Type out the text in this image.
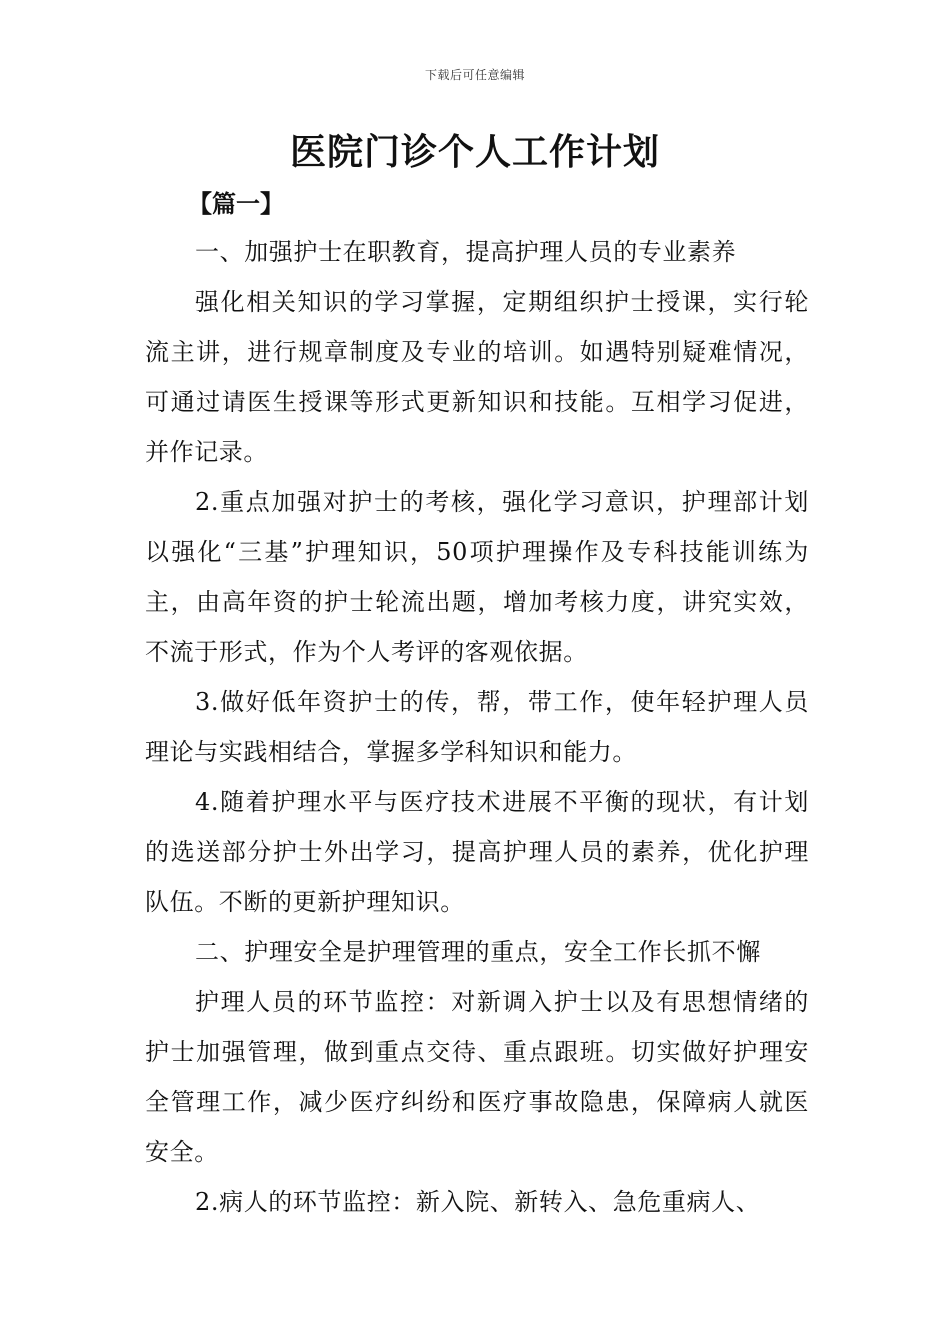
下载后可任意编辑
医院门诊个人工作计划
【篇一】

一、加强护士在职教育，提高护理人员的专业素养

强化相关知识的学习掌握，定期组织护士授课，实行轮流主讲，进行规章制度及专业的培训。如遇特别疑难情况，可通过请医生授课等形式更新知识和技能。互相学习促进，并作记录。

2.重点加强对护士的考核，强化学习意识，护理部计划以强化“三基”护理知识，50项护理操作及专科技能训练为主，由高年资的护士轮流出题，增加考核力度，讲究实效，不流于形式，作为个人考评的客观依据。

3.做好低年资护士的传，帮，带工作，使年轻护理人员理论与实践相结合，掌握多学科知识和能力。

4.随着护理水平与医疗技术进展不平衡的现状，有计划的选送部分护士外出学习，提高护理人员的素养，优化护理队伍。不断的更新护理知识。

二、护理安全是护理管理的重点，安全工作长抓不懈

护理人员的环节监控：对新调入护士以及有思想情绪的护士加强管理，做到重点交待、重点跟班。切实做好护理安全管理工作，减少医疗纠纷和医疗事故隐患，保障病人就医安全。

2.病人的环节监控：新入院、新转入、急危重病人、
